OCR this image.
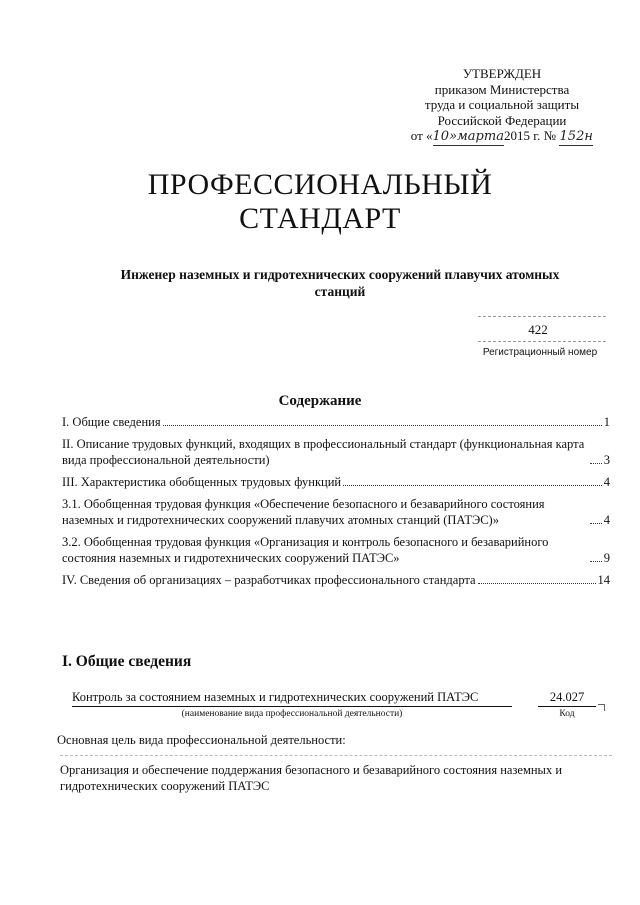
УТВЕРЖДЕН
приказом Министерства
труда и социальной защиты
Российской Федерации
от «10»марта2015 г. № 152н
ПРОФЕССИОНАЛЬНЫЙ
СТАНДАРТ
Инженер наземных и гидротехнических сооружений плавучих атомных
станций
422
Регистрационный номер
Содержание
I. Общие сведения	1
II. Описание трудовых функций, входящих в профессиональный стандарт (функциональная карта вида профессиональной деятельности)	3
III. Характеристика обобщенных трудовых функций	4
3.1. Обобщенная трудовая функция «Обеспечение безопасного и безаварийного состояния наземных и гидротехнических сооружений плавучих атомных станций (ПАТЭС)»	4
3.2. Обобщенная трудовая функция «Организация и контроль безопасного и безаварийного состояния наземных и гидротехнических сооружений ПАТЭС»	9
IV. Сведения об организациях – разработчиках профессионального стандарта	14
I. Общие сведения
Контроль за состоянием наземных и гидротехнических сооружений ПАТЭС	24.027
(наименование вида профессиональной деятельности)	Код
Основная цель вида профессиональной деятельности:
Организация и обеспечение поддержания безопасного и безаварийного состояния наземных и гидротехнических сооружений ПАТЭС
